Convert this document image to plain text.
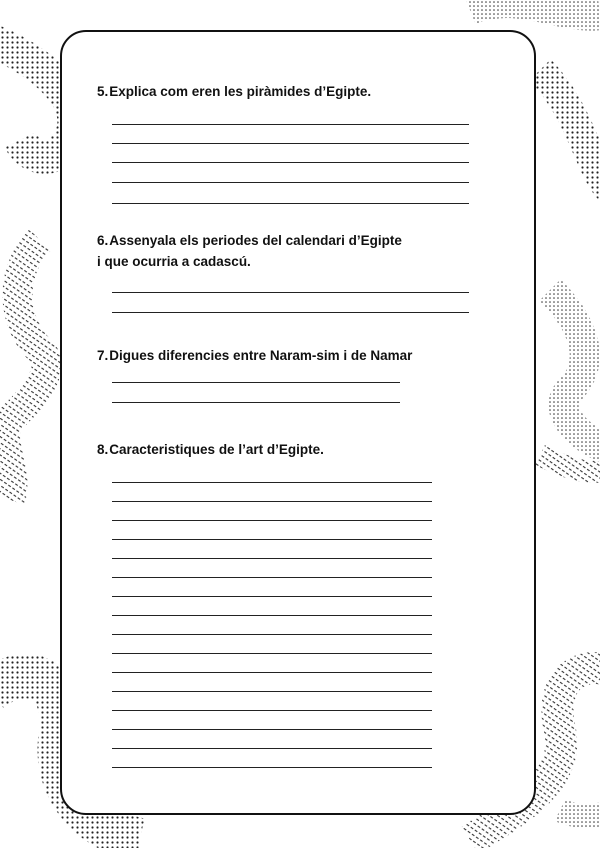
5.Explica com eren les piràmides d’Egipte.
6.Assenyala els periodes del calendari d’Egipte
i que ocurria a cadascú.
7.Digues diferencies entre Naram-sim i de Namar
8.Caracteristiques de l’art d’Egipte.
